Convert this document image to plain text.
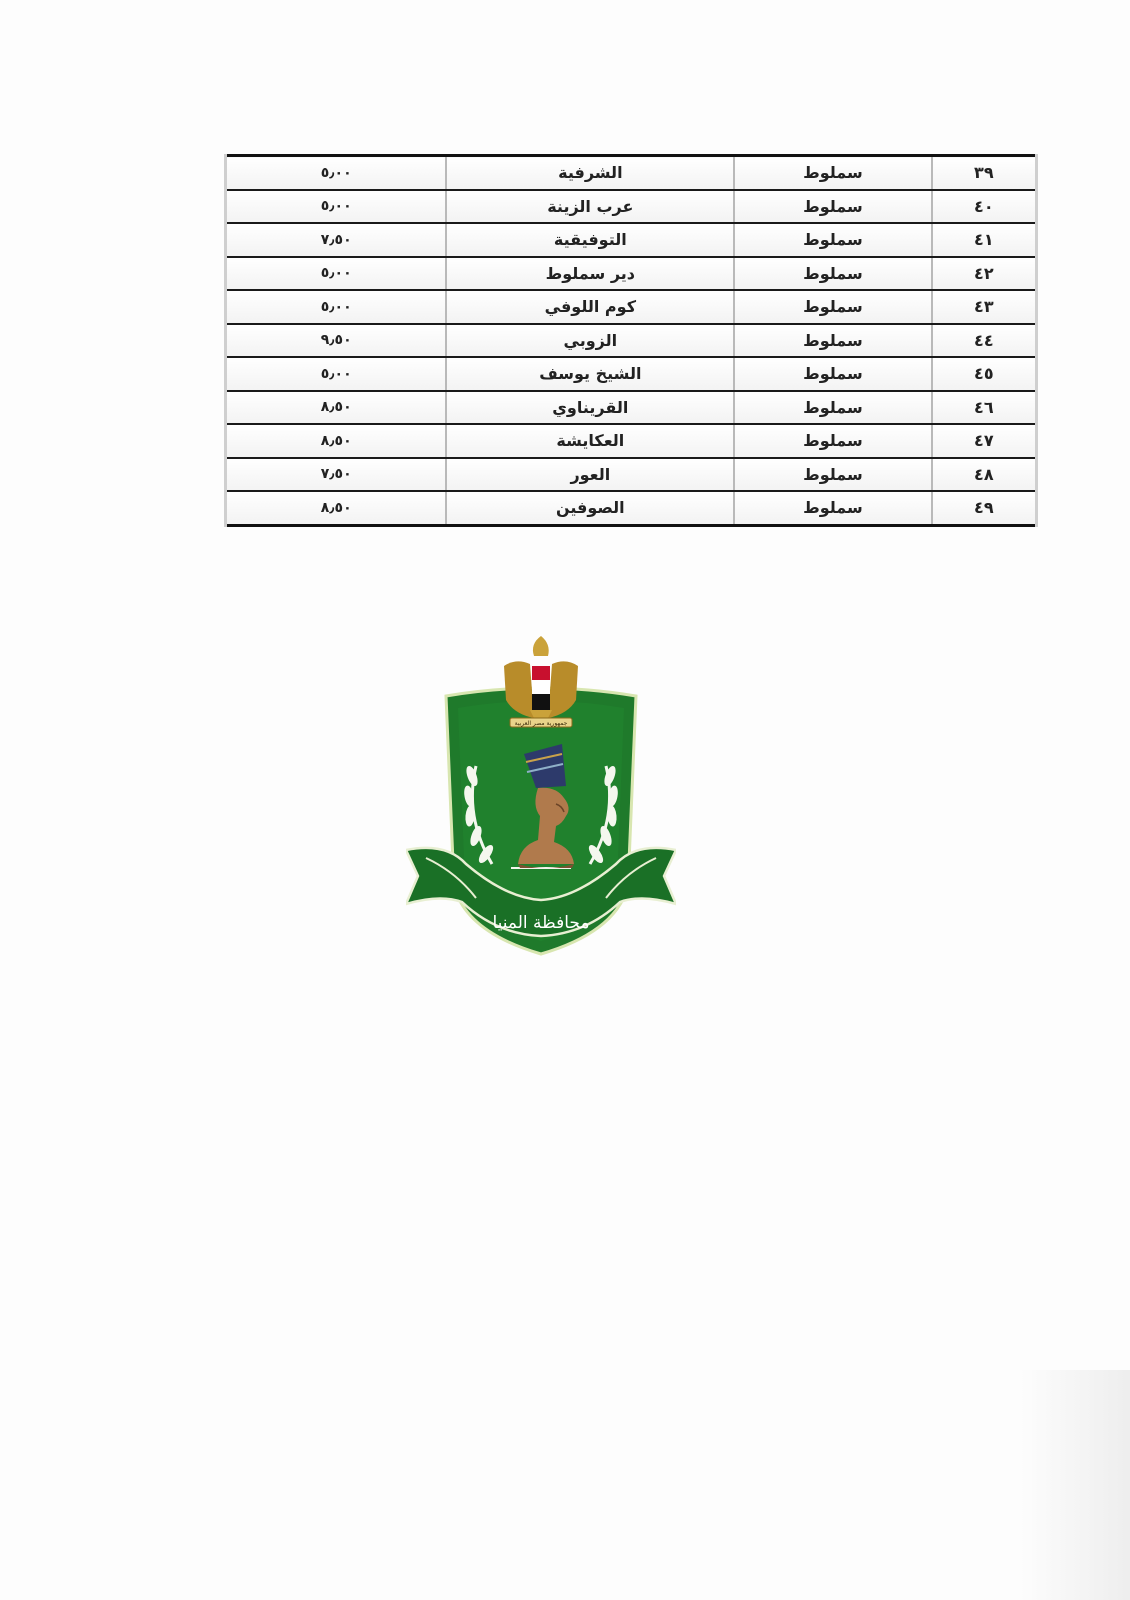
٣٩	سملوط	الشرفية	٥٫٠٠
٤٠	سملوط	عرب الزينة	٥٫٠٠
٤١	سملوط	التوفيقية	٧٫٥٠
٤٢	سملوط	دير سملوط	٥٫٠٠
٤٣	سملوط	كوم اللوفي	٥٫٠٠
٤٤	سملوط	الزوبي	٩٫٥٠
٤٥	سملوط	الشيخ يوسف	٥٫٠٠
٤٦	سملوط	القريناوي	٨٫٥٠
٤٧	سملوط	العكايشة	٨٫٥٠
٤٨	سملوط	العور	٧٫٥٠
٤٩	سملوط	الصوفين	٨٫٥٠
جمهورية مصر العربية
محافظة المنيا
